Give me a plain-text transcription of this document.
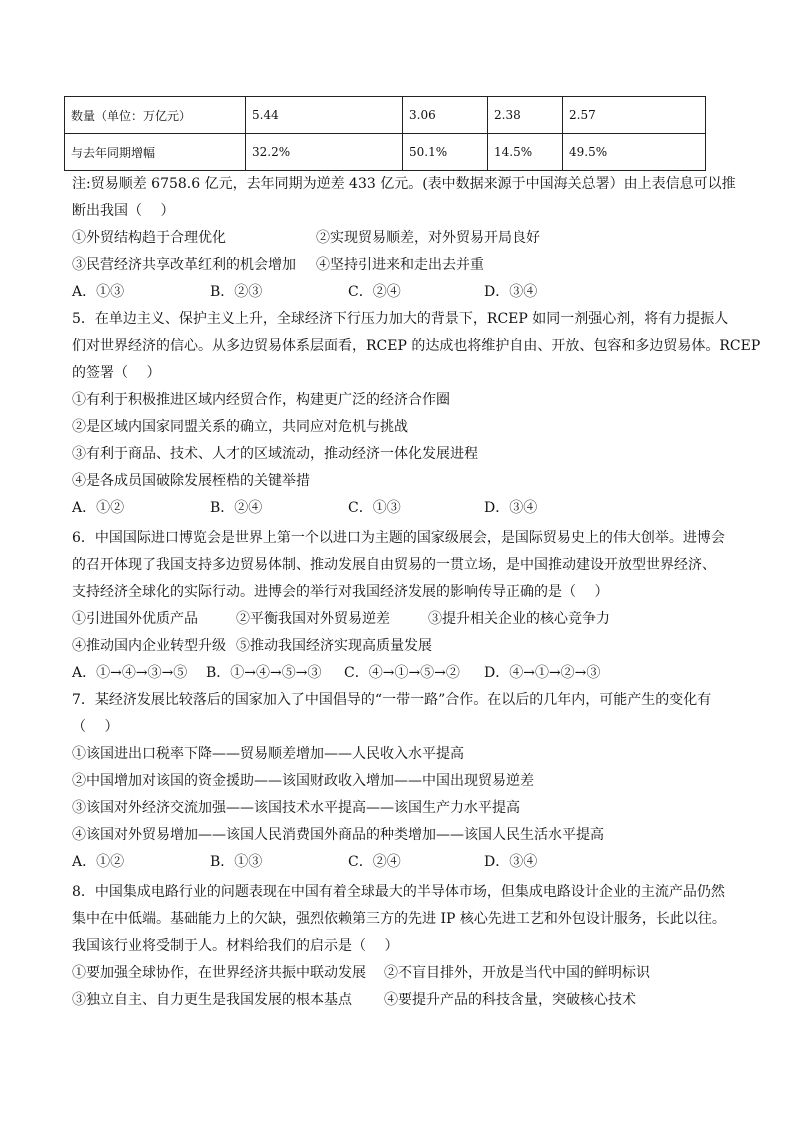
数量（单位：万亿元）	5.44	3.06	2.38	2.57
与去年同期增幅	32.2%	50.1%	14.5%	49.5%
注:贸易顺差 6758.6 亿元，去年同期为逆差 433 亿元。(表中数据来源于中国海关总署）由上表信息可以推
断出我国（　 ）
①外贸结构趋于合理优化	②实现贸易顺差，对外贸易开局良好
③民营经济共享改革红利的机会增加 ④坚持引进来和走出去并重
A．①③	B．②③	C．②④	D．③④
5．在单边主义、保护主义上升，全球经济下行压力加大的背景下，RCEP 如同一剂强心剂，将有力提振人
们对世界经济的信心。从多边贸易体系层面看，RCEP 的达成也将维护自由、开放、包容和多边贸易体。RCEP
的签署（　 ）
①有利于积极推进区域内经贸合作，构建更广泛的经济合作圈
②是区域内国家同盟关系的确立，共同应对危机与挑战
③有利于商品、技术、人才的区域流动，推动经济一体化发展进程
④是各成员国破除发展桎梏的关键举措
A．①②	B．②④	C．①③	D．③④
6．中国国际进口博览会是世界上第一个以进口为主题的国家级展会，是国际贸易史上的伟大创举。进博会
的召开体现了我国支持多边贸易体制、推动发展自由贸易的一贯立场，是中国推动建设开放型世界经济、
支持经济全球化的实际行动。进博会的举行对我国经济发展的影响传导正确的是（　 ）
①引进国外优质产品	②平衡我国对外贸易逆差	③提升相关企业的核心竞争力
④推动国内企业转型升级 ⑤推动我国经济实现高质量发展
A．①→④→③→⑤ B．①→④→⑤→③ C．④→①→⑤→② D．④→①→②→③
7．某经济发展比较落后的国家加入了中国倡导的“一带一路”合作。在以后的几年内，可能产生的变化有
（　 ）
①该国进出口税率下降——贸易顺差增加——人民收入水平提高
②中国增加对该国的资金援助——该国财政收入增加——中国出现贸易逆差
③该国对外经济交流加强——该国技术水平提高——该国生产力水平提高
④该国对外贸易增加——该国人民消费国外商品的种类增加——该国人民生活水平提高
A．①②	B．①③	C．②④	D．③④
8．中国集成电路行业的问题表现在中国有着全球最大的半导体市场，但集成电路设计企业的主流产品仍然
集中在中低端。基础能力上的欠缺，强烈依赖第三方的先进 IP 核心先进工艺和外包设计服务，长此以往。
我国该行业将受制于人。材料给我们的启示是（　 ）
①要加强全球协作，在世界经济共振中联动发展 ②不盲目排外，开放是当代中国的鲜明标识
③独立自主、自力更生是我国发展的根本基点 ④要提升产品的科技含量，突破核心技术
